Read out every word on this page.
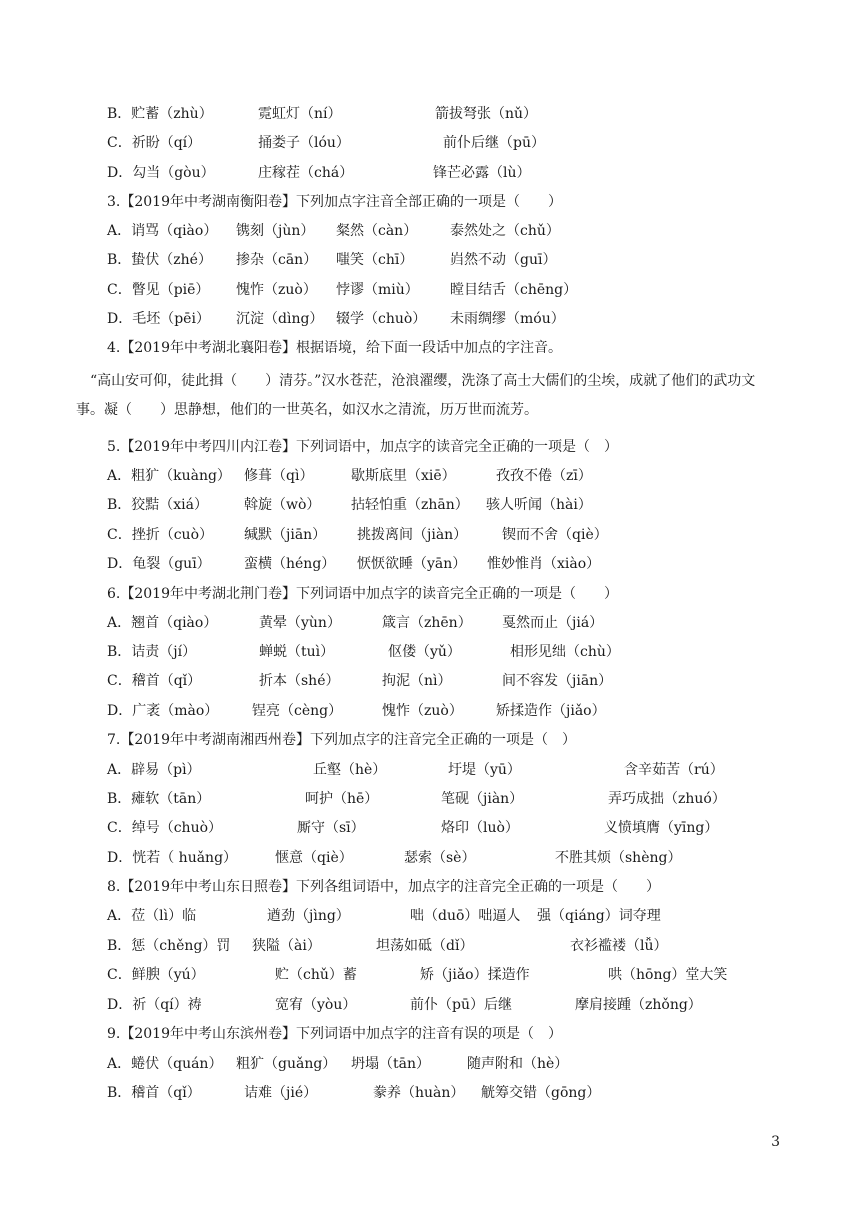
B．贮蓄（zhù）	霓虹灯（ní）	箭拔弩张（nǔ）
C．祈盼（qí）	捅娄子（lóu）	前仆后继（pū）
D．勾当（gòu）	庄稼茬（chá）	锋芒必露（lù）
3.【2019年中考湖南衡阳卷】下列加点字注音全部正确的一项是（　　）
A．诮骂（qiào） 镌刻（jùn） 粲然（càn） 泰然处之（chǔ）
B．蛰伏（zhé） 掺杂（cān） 嗤笑（chī）	岿然不动（guī）
C．瞥见（piē） 愧怍（zuò） 悖谬（miù） 瞠目结舌（chēng）
D．毛坯（pēi） 沉淀（dìng） 辍学（chuò） 未雨绸缪（móu）
4.【2019年中考湖北襄阳卷】根据语境，给下面一段话中加点的字注音。
　“高山安可仰，徒此揖（　　）清芬。”汉水苍茫，沧浪濯缨，洗涤了高士大儒们的尘埃，成就了他们的武功文事。凝（　　）思静想，他们的一世英名，如汉水之清流，历万世而流芳。
5.【2019年中考四川内江卷】下列词语中，加点字的读音完全正确的一项是（　）
A．粗犷（kuàng） 修葺（qì）	歇斯底里（xiē）	孜孜不倦（zī）
B．狡黠（xiá）	斡旋（wò） 拈轻怕重（zhān） 骇人听闻（hài）
C．挫折（cuò） 缄默（jiān） 挑拨离间（jiàn） 锲而不舍（qiè）
D．龟裂（guī） 蛮横（héng） 恹恹欲睡（yān） 惟妙惟肖（xiào）
6.【2019年中考湖北荆门卷】下列词语中加点字的读音完全正确的一项是（　　）
A．翘首（qiào）	黄晕（yùn）	箴言（zhēn） 戛然而止（jiá）
B．诘责（jí）	蝉蜕（tuì）	伛偻（yǔ）	相形见绌（chù）
C．稽首（qǐ）	折本（shé）	拘泥（nì）	间不容发（jiān）
D．广袤（mào） 锃亮（cèng）	愧怍（zuò） 矫揉造作（jiǎo）
7.【2019年中考湖南湘西州卷】下列加点字的注音完全正确的一项是（　）
A．辟易（pì）	丘壑（hè）	圩堤（yū）	含辛茹苦（rú）
B．瘫软（tān）	呵护（hē）	笔砚（jiàn）	弄巧成拙（zhuó）
C．绰号（chuò）	厮守（sī）	烙印（luò）	义愤填膺（yīng）
D．恍若（ huǎng）	惬意（qiè）	瑟索（sè）	不胜其烦（shèng）
8.【2019年中考山东日照卷】下列各组词语中，加点字的注音完全正确的一项是（　　）
A．莅（lì）临	遒劲（jìng）	咄（duō）咄逼人 强（qiáng）词夺理
B．惩（chěng）罚 狭隘（ài）	坦荡如砥（dǐ）	衣衫褴褛（lǚ）
C．鲜腴（yú）	贮（chǔ）蓄	矫（jiǎo）揉造作	哄（hōng）堂大笑
D．祈（qí）祷	宽宥（yòu）	前仆（pū）后继	摩肩接踵（zhǒng）
9.【2019年中考山东滨州卷】下列词语中加点字的注音有误的项是（　）
A．蜷伏（quán） 粗犷（guǎng） 坍塌（tān）	随声附和（hè）
B．稽首（qǐ）	诘难（jié）	豢养（huàn） 觥筹交错（gōng）
3
